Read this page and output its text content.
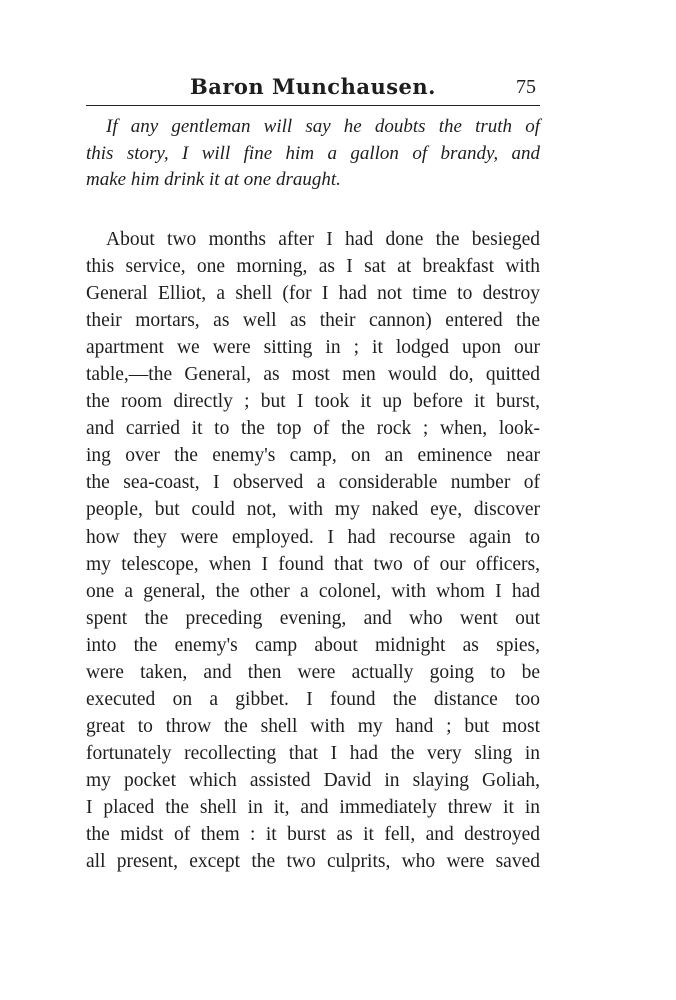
Baron Munchausen.	75
If any gentleman will say he doubts the truth of
this story, I will fine him a gallon of brandy, and
make him drink it at one draught.
About two months after I had done the besieged
this service, one morning, as I sat at breakfast with
General Elliot, a shell (for I had not time to destroy
their mortars, as well as their cannon) entered the
apartment we were sitting in ; it lodged upon our
table,—the General, as most men would do, quitted
the room directly ; but I took it up before it burst,
and carried it to the top of the rock ; when, look-
ing over the enemy's camp, on an eminence near
the sea-coast, I observed a considerable number of
people, but could not, with my naked eye, discover
how they were employed. I had recourse again to
my telescope, when I found that two of our officers,
one a general, the other a colonel, with whom I had
spent the preceding evening, and who went out
into the enemy's camp about midnight as spies,
were taken, and then were actually going to be
executed on a gibbet. I found the distance too
great to throw the shell with my hand ; but most
fortunately recollecting that I had the very sling in
my pocket which assisted David in slaying Goliah,
I placed the shell in it, and immediately threw it in
the midst of them : it burst as it fell, and destroyed
all present, except the two culprits, who were saved
